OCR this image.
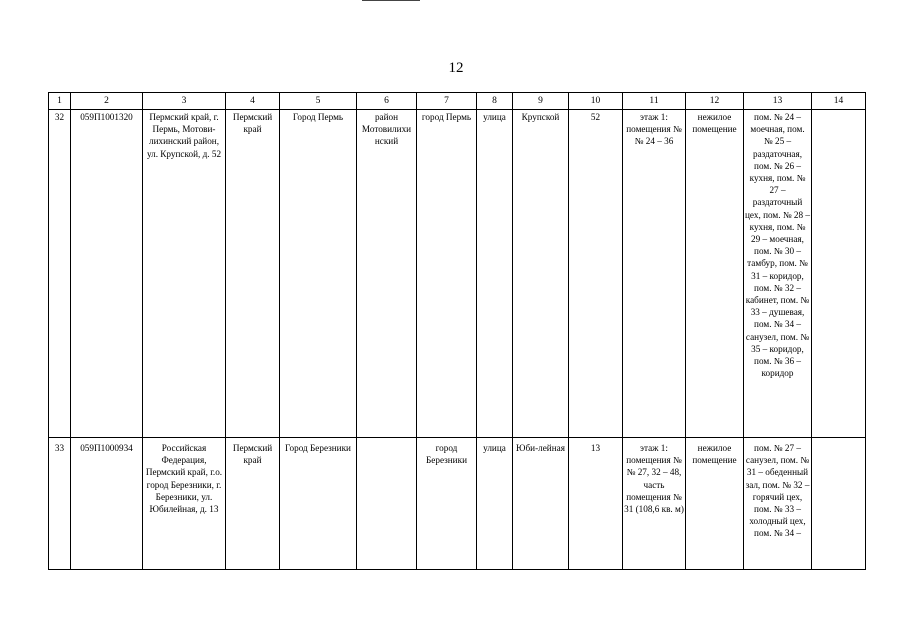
12
1	2	3	4	5	6	7	8	9	10	11	12	13	14
32	059П1001320	Пермский край, г. Пермь, Мотови-лихинский район, ул. Крупской, д. 52	Пермский край	Город Пермь	район Мотовилихи нский	город Пермь	улица	Крупской	52	этаж 1: помещения №№ 24 – 36	нежилое помещение	пом. № 24 – моечная, пом. № 25 – раздаточная, пом. № 26 – кухня, пом. № 27 – раздаточный цех, пом. № 28 – кухня, пом. № 29 – моечная, пом. № 30 – тамбур, пом. № 31 – коридор, пом. № 32 – кабинет, пом. № 33 – душевая, пом. № 34 – санузел, пом. № 35 – коридор, пом. № 36 – коридор	
33	059П1000934	Российская Федерация, Пермский край, г.о. город Березники, г. Березники, ул. Юбилейная, д. 13	Пермский край	Город Березники		город Березники	улица	Юби-лейная	13	этаж 1: помещения №№ 27, 32 – 48, часть помещения № 31 (108,6 кв. м)	нежилое помещение	пом. № 27 – санузел, пом. № 31 – обеденный зал, пом. № 32 – горячий цех, пом. № 33 – холодный цех, пом. № 34 –	
